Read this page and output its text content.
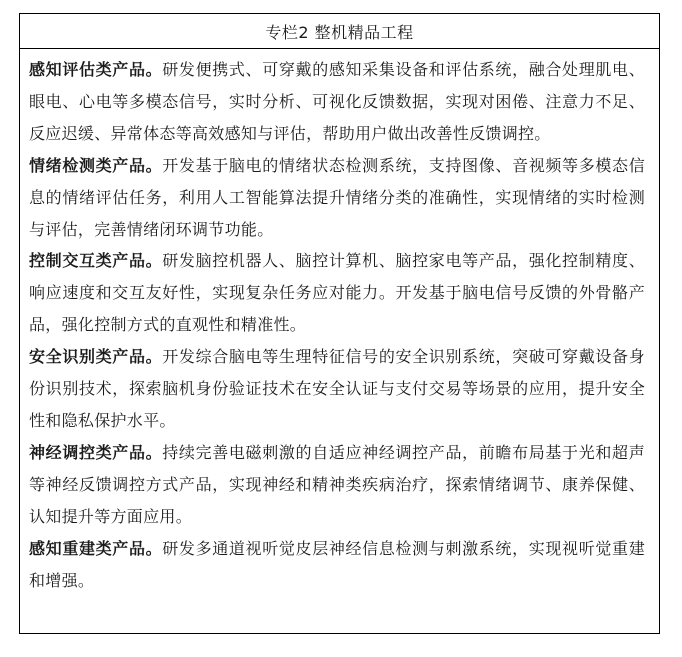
专栏2 整机精品工程

感知评估类产品。研发便携式、可穿戴的感知采集设备和评估系统，融合处理肌电、眼电、心电等多模态信号，实时分析、可视化反馈数据，实现对困倦、注意力不足、反应迟缓、异常体态等高效感知与评估，帮助用户做出改善性反馈调控。

情绪检测类产品。开发基于脑电的情绪状态检测系统，支持图像、音视频等多模态信息的情绪评估任务，利用人工智能算法提升情绪分类的准确性，实现情绪的实时检测与评估，完善情绪闭环调节功能。

控制交互类产品。研发脑控机器人、脑控计算机、脑控家电等产品，强化控制精度、响应速度和交互友好性，实现复杂任务应对能力。开发基于脑电信号反馈的外骨骼产品，强化控制方式的直观性和精准性。

安全识别类产品。开发综合脑电等生理特征信号的安全识别系统，突破可穿戴设备身份识别技术，探索脑机身份验证技术在安全认证与支付交易等场景的应用，提升安全性和隐私保护水平。

神经调控类产品。持续完善电磁刺激的自适应神经调控产品，前瞻布局基于光和超声等神经反馈调控方式产品，实现神经和精神类疾病治疗，探索情绪调节、康养保健、认知提升等方面应用。

感知重建类产品。研发多通道视听觉皮层神经信息检测与刺激系统，实现视听觉重建和增强。
